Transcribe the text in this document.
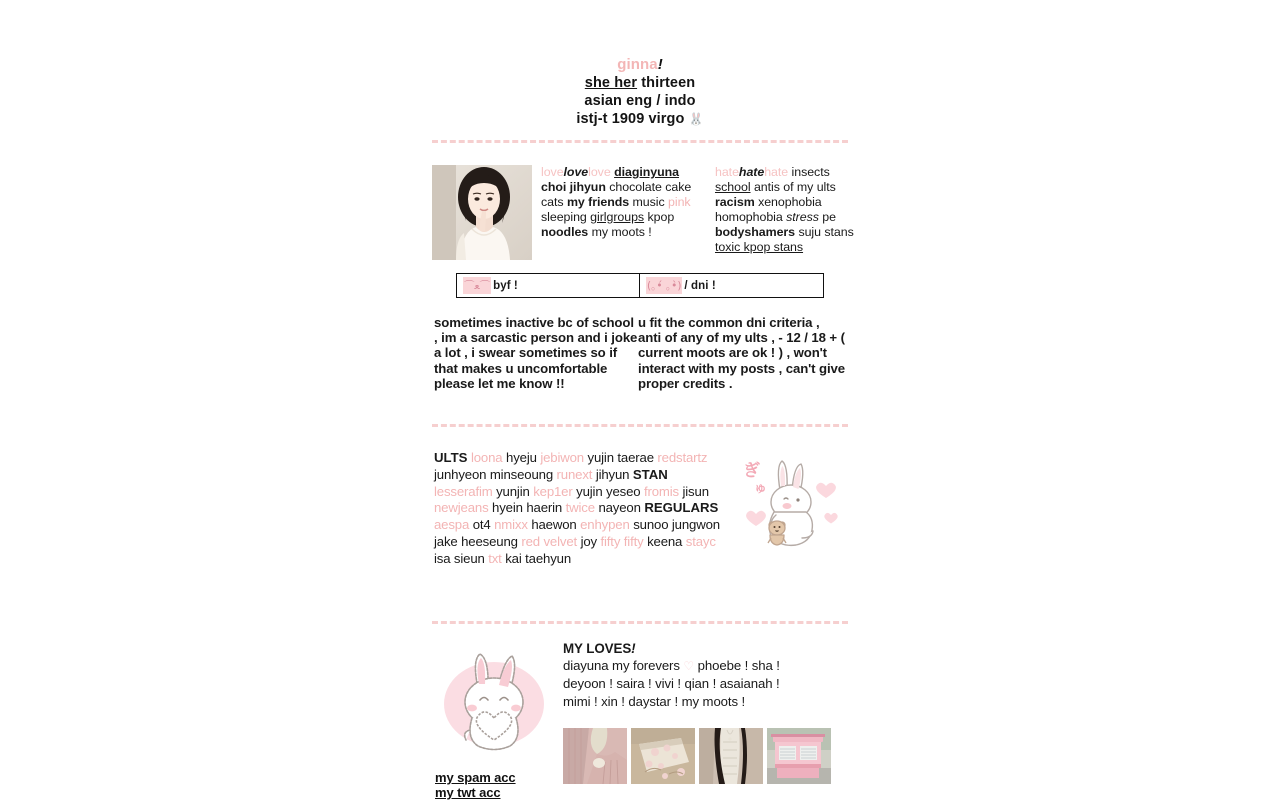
ginna!
she her thirteen
asian eng / indo
istj-t 1909 virgo 🐰
lovelovelove diaginyuna
choi jihyun chocolate cake
cats my friends music pink
sleeping girlgroups kpop
noodles my moots !
hatehatehate insects
school antis of my ults
racism xenophobia
homophobia stress pe
bodyshamers suju stans
toxic kpop stans
⌒ﻌ⌒ byf !	(｡•́ ｡•̀) / dni !
sometimes inactive bc of school , im a sarcastic person and i joke a lot , i swear sometimes so if that makes u uncomfortable please let me know !!
u fit the common dni criteria , anti of any of my ults , - 12 / 18 + ( current moots are ok ! ) , won't interact with my posts , can't give proper credits .
ULTS loona hyeju jebiwon yujin taerae redstartz junhyeon minseoung runext jihyun STAN lesserafim yunjin kep1er yujin yeseo fromis jisun newjeans hyein haerin twice nayeon REGULARS aespa ot4 nmixx haewon enhypen sunoo jungwon jake heeseung red velvet joy fifty fifty keena stayc isa sieun txt kai taehyun
ぎ
ゅ
MY LOVES!
diayuna my forevers ♡ phoebe ! sha !
deyoon ! saira ! vivi ! qian ! asaianah !
mimi ! xin ! daystar ! my moots !
my spam acc
my twt acc
